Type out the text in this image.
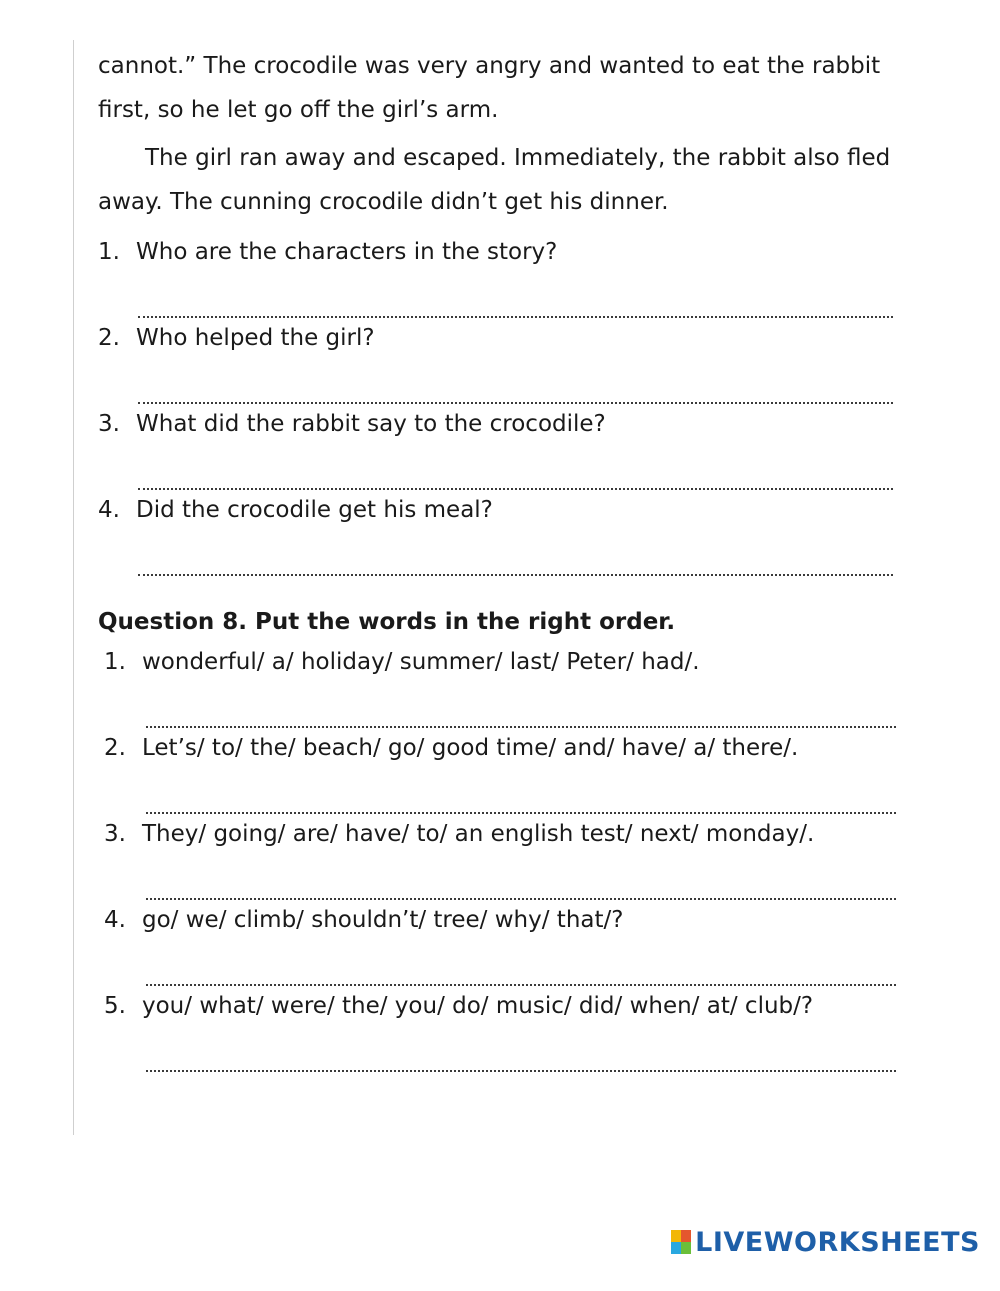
cannot.” The crocodile was very angry and wanted to eat the rabbit first, so he let go off the girl’s arm.

The girl ran away and escaped. Immediately, the rabbit also fled away. The cunning crocodile didn’t get his dinner.

1. Who are the characters in the story?
2. Who helped the girl?
3. What did the rabbit say to the crocodile?
4. Did the crocodile get his meal?
Question 8. Put the words in the right order.
1. wonderful/ a/ holiday/ summer/ last/ Peter/ had/.
2. Let’s/ to/ the/ beach/ go/ good time/ and/ have/ a/ there/.
3. They/ going/ are/ have/ to/ an english test/ next/ monday/.
4. go/ we/ climb/ shouldn’t/ tree/ why/ that/?
5. you/ what/ were/ the/ you/ do/ music/ did/ when/ at/ club/?
LIVEWORKSHEETS
